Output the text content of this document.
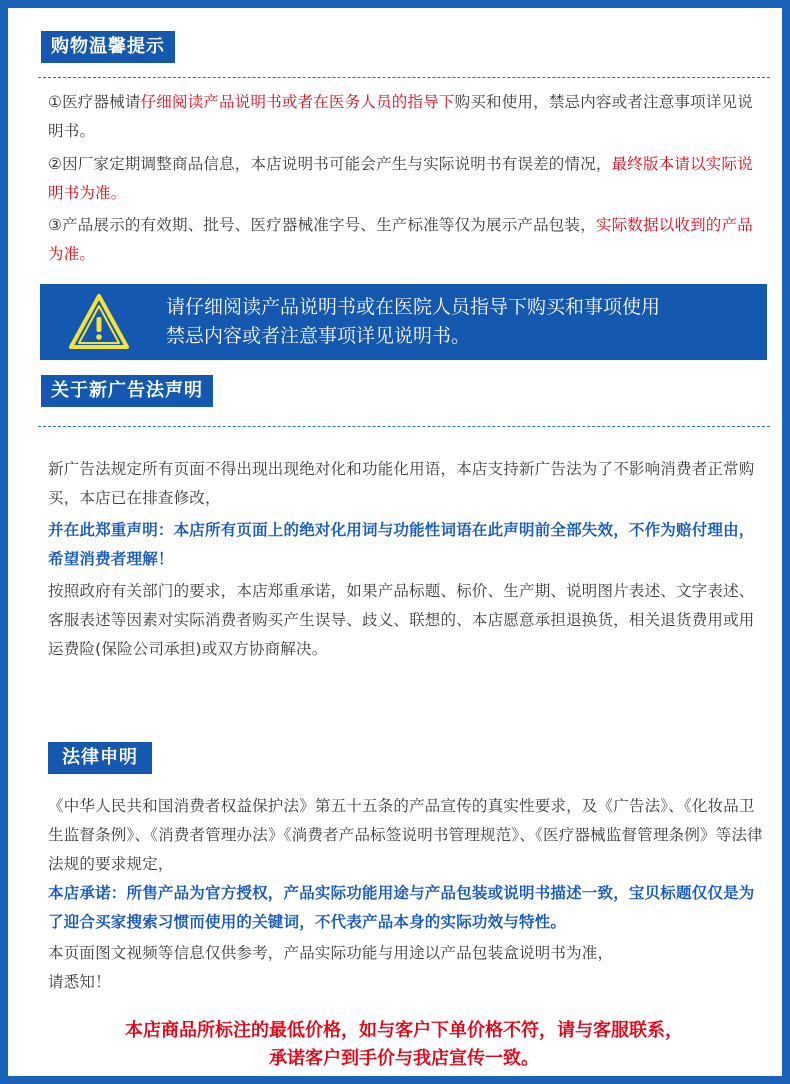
购物温馨提示
①医疗器械请仔细阅读产品说明书或者在医务人员的指导下购买和使用，禁忌内容或者注意事项详见说明书。
②因厂家定期调整商品信息，本店说明书可能会产生与实际说明书有误差的情况，最终版本请以实际说明书为准。
③产品展示的有效期、批号、医疗器械准字号、生产标准等仅为展示产品包装，实际数据以收到的产品为准。
请仔细阅读产品说明书或在医院人员指导下购买和事项使用
禁忌内容或者注意事项详见说明书。
关于新广告法声明
新广告法规定所有页面不得出现出现绝对化和功能化用语，本店支持新广告法为了不影响消费者正常购买，本店已在排查修改，
并在此郑重声明：本店所有页面上的绝对化用词与功能性词语在此声明前全部失效，不作为赔付理由，希望消费者理解！
按照政府有关部门的要求，本店郑重承诺，如果产品标题、标价、生产期、说明图片表述、文字表述、客服表述等因素对实际消费者购买产生误导、歧义、联想的、本店愿意承担退换货，相关退货费用或用运费险(保险公司承担)或双方协商解决。
法律申明
《中华人民共和国消费者权益保护法》第五十五条的产品宣传的真实性要求，及《广告法》、《化妆品卫生监督条例》、《消费者管理办法》《淌费者产品标签说明书管理规范》、《医疗器械监督管理条例》等法律法规的要求规定，
本店承诺：所售产品为官方授权，产品实际功能用途与产品包装或说明书描述一致，宝贝标题仅仅是为了迎合买家搜索习惯而使用的关键词，不代表产品本身的实际功效与特性。
本页面图文视频等信息仅供参考，产品实际功能与用途以产品包装盒说明书为准，
请悉知！
本店商品所标注的最低价格，如与客户下单价格不符，请与客服联系，
承诺客户到手价与我店宣传一致。
